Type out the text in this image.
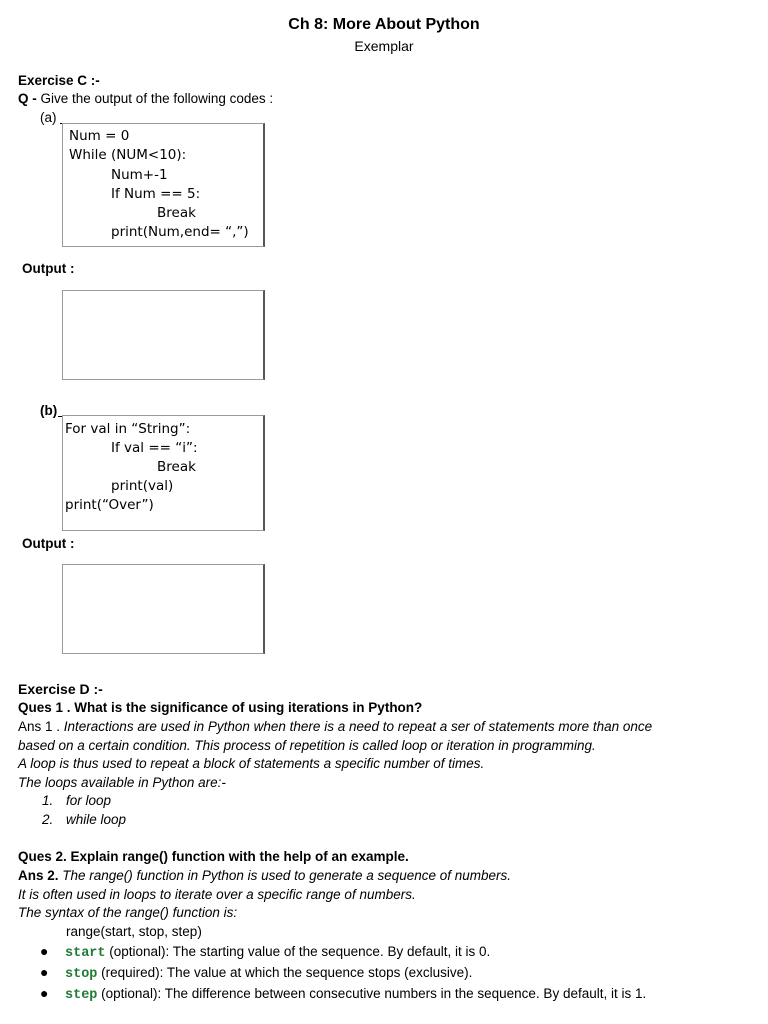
Ch 8: More About Python
Exemplar
Exercise C :-
Q - Give the output of the following codes :
(a)
Num = 0
While (NUM<10):
Num+-1
If Num == 5:
Break
print(Num,end= “,”)
Output :
(b)
For val in “String”:
If val == “i”:
Break
print(val)
print(“Over”)
Output :
Exercise D :-
Ques 1 . What is the significance of using iterations in Python?
Ans 1 . Interactions are used in Python when there is a need to repeat a ser of statements more than once
based on a certain condition. This process of repetition is called loop or iteration in programming.
A loop is thus used to repeat a block of statements a specific number of times.
The loops available in Python are:-
1. for loop
2. while loop
Ques 2. Explain range() function with the help of an example.
Ans 2. The range() function in Python is used to generate a sequence of numbers.
It is often used in loops to iterate over a specific range of numbers.
The syntax of the range() function is:
range(start, stop, step)
● start (optional): The starting value of the sequence. By default, it is 0.
● stop (required): The value at which the sequence stops (exclusive).
● step (optional): The difference between consecutive numbers in the sequence. By default, it is 1.
